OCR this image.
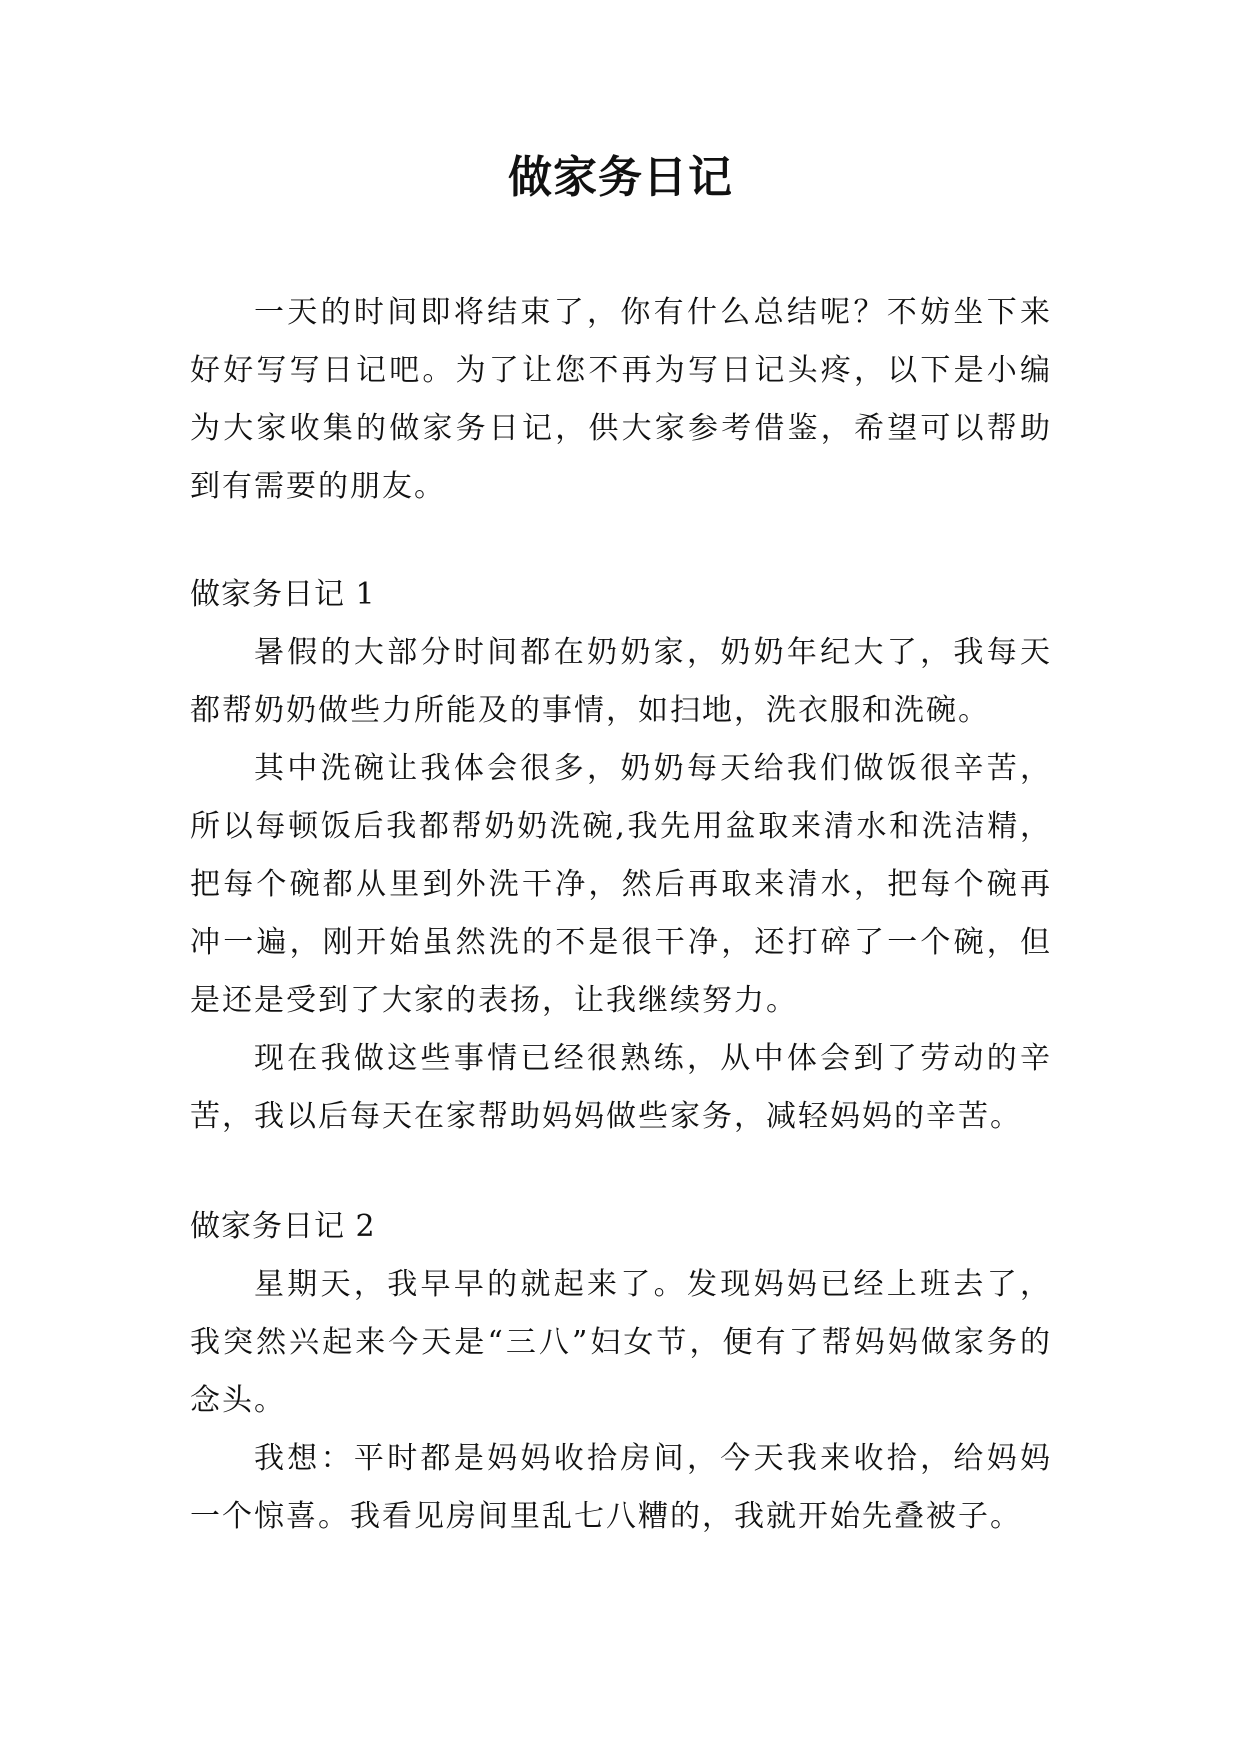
做家务日记

一天的时间即将结束了，你有什么总结呢？不妨坐下来好好写写日记吧。为了让您不再为写日记头疼，以下是小编为大家收集的做家务日记，供大家参考借鉴，希望可以帮助到有需要的朋友。

做家务日记 1

暑假的大部分时间都在奶奶家，奶奶年纪大了，我每天都帮奶奶做些力所能及的事情，如扫地，洗衣服和洗碗。

其中洗碗让我体会很多，奶奶每天给我们做饭很辛苦，所以每顿饭后我都帮奶奶洗碗,我先用盆取来清水和洗洁精，把每个碗都从里到外洗干净，然后再取来清水，把每个碗再冲一遍，刚开始虽然洗的不是很干净，还打碎了一个碗，但是还是受到了大家的表扬，让我继续努力。

现在我做这些事情已经很熟练，从中体会到了劳动的辛苦，我以后每天在家帮助妈妈做些家务，减轻妈妈的辛苦。

做家务日记 2

星期天，我早早的就起来了。发现妈妈已经上班去了，我突然兴起来今天是“三八”妇女节，便有了帮妈妈做家务的念头。

我想：平时都是妈妈收拾房间，今天我来收拾，给妈妈一个惊喜。我看见房间里乱七八糟的，我就开始先叠被子。
